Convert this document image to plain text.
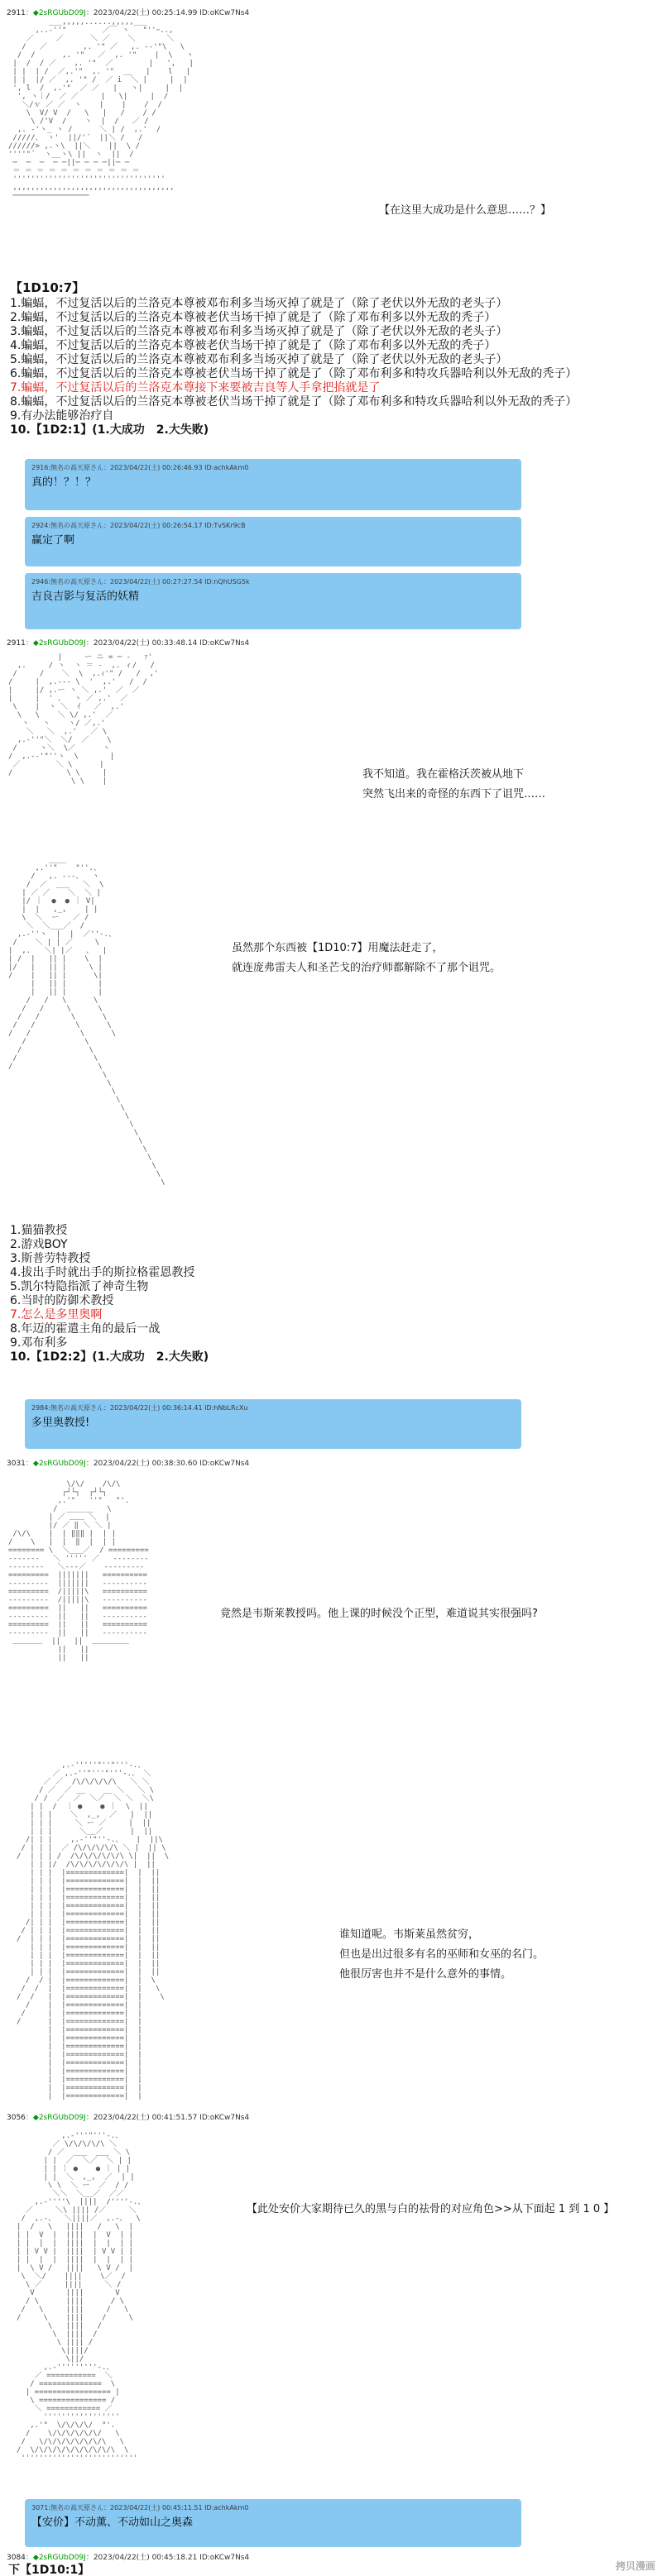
2911：◆2sRGUbD09J：2023/04/22(土) 00:25:14.99 ID:oKCw7Ns4
___,,,,,......,,,,,___
,..-''"        ／￣ ヽ   "''ｰ..,
／     ／      ＼ ／    ＼       ＼
/   ／        ,. '" ／   ,. -‐'"\   \
/  /      ,. '"   ／  ,. '"    |  \   ヽ
|  /  / ／    ,. '"  ／        |   ',   |
| |  | /  ／,.'"  ,. '"  __   |    l   |
| |  |/ ／  ,. '" /  ／ i  ＼ |     |  |
', l  /  ,.'"  ／ ／   |   ヽ|     |  |
', ヽ｜/  ／ ／     |   \|     |  /
＼/ｖ ／ ／  ヽ    |    |    /  /
\  V/ V  /   \   |   /    / /
\ /'V  /    ヽ  |  /   ／ /
,. -'ヽ_ ヽ /      ＼ | /  ,.'  /
/////、 ヽ'  ||/'´  ||＼ /   /
//////> ,.ヽ\  ||＼    ||  \ /
''''"´  ヽ__ヽ\ ||  ヽ  ||  /
─  ─  ─  ─ ─||─ ─ ─ ─||─ ─
＝ ＝ ＝ ＝ ＝ ＝ ＝ ＝ ＝ ＝ ＝
''''''''''''''''''''''''''''''''''
,,,,,,,,,,,,,,,,,,,,,,,,,,,,,,,,,,,,
─────────────────

【在这里大成功是什么意思……？】
【1D10:7】
1.蝙蝠，不过复活以后的兰洛克本尊被邓布利多当场灭掉了就是了（除了老伏以外无敌的老头子）
2.蝙蝠，不过复活以后的兰洛克本尊被老伏当场干掉了就是了（除了邓布利多以外无敌的秃子）
3.蝙蝠，不过复活以后的兰洛克本尊被邓布利多当场灭掉了就是了（除了老伏以外无敌的老头子）
4.蝙蝠，不过复活以后的兰洛克本尊被老伏当场干掉了就是了（除了邓布利多以外无敌的秃子）
5.蝙蝠，不过复活以后的兰洛克本尊被邓布利多当场灭掉了就是了（除了老伏以外无敌的老头子）
6.蝙蝠，不过复活以后的兰洛克本尊被老伏当场干掉了就是了（除了邓布利多和特攻兵器哈利以外无敌的秃子）
7.蝙蝠，不过复活以后的兰洛克本尊接下来要被吉良等人手拿把掐就是了
8.蝙蝠，不过复活以后的兰洛克本尊被老伏当场干掉了就是了（除了邓布利多和特攻兵器哈利以外无敌的秃子）
9.有办法能够治疗自
10.【1D2:1】(1.大成功　2.大失败)
2916:無名の高天原さん：2023/04/22(土) 00:26:46.93 ID:achkAkm0
真的！？！？
2924:無名の高天原さん：2023/04/22(土) 00:26:54.17 ID:TvSKr9cB
赢定了啊
2946:無名の高天原さん：2023/04/22(土) 00:27:27.54 ID:nQhUSG5k
吉良吉影与复活的妖精
2911：◆2sRGUbD09J：2023/04/22(土) 00:33:48.14 ID:oKCw7Ns4
|     ー ニ = ─ -   ｧ'
,.     / ヽ  ヽ ＝ ‐  ,. ィ/   /
/     /    ＼  \  ,.ｨ'" /   /  ,'
/     |  ,.-‐- \  '  ,.'   /  /
|     |/ ,.ー ヽ ＼ ,.'  ／  ／
|     |  ' 、  ヽ ／ ,.'  ／
\    |  ヽ ＼  ｲ   ／  ,.'
\   \    ＼ \/ ,.'  ／
ヽ   ヽ    ヽ/ ／,.'
＼   ＼  ,.'   ／ \
,.-''"＼  ＼/  ／    \
/     ヽ＼  \／      ヽ
/  ,.-‐'"''ヽ  \       |
／        ＼ \      |
/            \ \     |
\ \    |
我不知道。我在霍格沃茨被从地下
突然飞出来的奇怪的东西下了诅咒……
____
,.''"    "''.、
/   ,. ‐‐-、  ヽ
/  ／  ___   ＼  \
| ／ ／    ＼  ＼ |
|/ ｜  ●  ● ｜ V|
|  |   ,_,    | |
\  ＼  ー   ／ /
＼  ＼___／  /
,.-''ヽ  |  |  ／''-.、
/    ＼ | | ／     \
|  ,.   ＼| |／   、  |
| /  |   || |    \  |
|/   |   || |     \ |
/    |   || |      \|
|   || |       |
|   || |       |
/   /   \      \
/   /     \      \
/   /       \      \
/   /         \      \
/   /           \      \
/             \
/               \
/                 \
/                   \
\
\
\
\
\
\
\
\
\
\
\
\
\
\
虽然那个东西被【1D10:7】用魔法赶走了，
就连庞弗雷夫人和圣芒戈的治疗师都解除不了那个诅咒。
1.猫猫教授
2.游戏BOY
3.斯普劳特教授
4.拔出手时就出手的斯拉格霍恩教授
5.凯尔特隐指派了神奇生物
6.当时的防御术教授
7.怎么是多里奥啊
8.年迈的霍遣主角的最后一战
9.邓布利多
10.【1D2:2】(1.大成功　2.大失败)
2984:無名の高天原さん：2023/04/22(土) 00:36:14.41 ID:hNbLRcXu
多里奥教授!
3031：◆2sRGUbD09J：2023/04/22(土) 00:38:30.60 ID:oKCw7Ns4
\/\/    /\/\
┌┘└┐  ┌┘└┐
,.'"   ''"   "'.
/  ______   \
| ／ ＿＿ ＼  |
|/ ／ ‖ ＼ ＼ |
/\/\    |  | ‖‖‖ |  | |
/    \   |  |  ‖  |  | |
======== \  ＼___／  / =========
-------   ＼ ''''' ／   --------
--------   ＼---／    ---------
=========  |||||||   ==========
---------  |||||||   ----------
=========  /|||||\   ==========
---------  /|||||\   ----------
=========  ||   ||   ==========
---------  ||   ||   ----------
=========  ||   ||   ==========
---------  ||   ||   ----------
＿＿＿＿  ||   ||  ＿＿＿＿＿
||   ||
||   ||
竟然是韦斯莱教授吗。他上课的时候没个正型，难道说其实很强吗?
,.-'''''"''"'''-.、
／ ,.-''"'''"'''-.、 ＼
／ ／  /\/\/\/\/\   ＼ ＼
/ ／  ／ __    __ ＼   ＼ \
/ /  ／  ／  ＼／  ＼ ＼  ＼\
| |  /  ｜ ●    ● ｜  \  ||
| | |    ＼  ,_,  ／   |  ||
| | |     ＼ ー ／     |  ||
| | |      ＼__／      |  ||
/| | |    ,.-''"''-.、   |  ||\
/ | | |  ／ /\/\/\/\/\ ＼ |  || \
/  | | | /  /\/\/\/\/\/\ \|  ||  \
| | |/  /\/\/\/\/\/\/\ |  ||
| | |  |=============|  |  ||
| | |  |=============|  |  ||
| | |  |=============|  |  ||
| | |  |=============|  |  ||
| | |  |=============|  |  ||
| | |  |=============|  |  ||
/| | |  |=============|  |  ||
/ | | |  |=============|  |  ||
/  | | |  |=============|  |  ||
| | |  |=============|  |  ||
| | |  |=============|  |  ||
| | |  |=============|  |  ||
| | |  |=============|  |  ||
/  / |  |=============|  |  \
/  /  |  |=============|  |   \
/  /   |  |=============|  |    \
/    |  |=============|  |
/     |  |=============|  |
/      |  |=============|  |
|  |=============|  |
|  |=============|  |
|  |=============|  |
|  |=============|  |
|  |=============|  |
|  |=============|  |
|  |=============|  |
|  |=============|  |
|  |=============|  |
谁知道呢。韦斯莱虽然贫穷，
但也是出过很多有名的巫师和女巫的名门。
他很厉害也并不是什么意外的事情。
3056：◆2sRGUbD09J：2023/04/22(土) 00:41:51.57 ID:oKCw7Ns4
,.-'''"'''-.、
／ \/\/\/\/\ ＼
/ ／  ___  ___ ＼ \
| |  ／  ＼／  ＼ | |
| | ｜ ●    ● ｜ | |
| |  ＼  ,_,  ／  | |
\ \  ＼ ー  ／  / /
＼＼  ＼__／  ／／
,.-''''\  ||||  /''''-.、
／     ＼\ |||| /／     ＼
/  ,.-、  ＼||||／  ,.-、  \
|  /   \   ||||   /   \  |
| |  V  |  ||||  |  V  | |
| |  |  |  ||||  |  |  | |
| | V V |  ||||  | V V | |
| |  |  |  ||||  |  |  | |
|  \ V /   ||||   \ V /  |
\  ＼/    ||||    \／  /
\ ／     ||||     ＼ /
V       ||||       V
/ \      ||||      / \
/   \     ||||     /   \
/     \    ||||    /     \
\   ||||   /
\  ||||  /
\ |||| /
\||||/
\||/
,.-'''''''''-.、
／ ===========  ＼
/ ==============  \
| ================= |
\ =============== /
＼ ============ ／
'''''''''''''''''
,.'"  \/\/\/\/  "'.
/    \/\/\/\/\/\/   \
/   \/\/\/\/\/\/\/\   \
/  \/\/\/\/\/\/\/\/\/\  \
''''''''''''''''''''''''''
【此处安价大家期待已久的黑与白的祛骨的对应角色>>从下面起 1 到 1 0 】
3071:無名の高天原さん：2023/04/22(土) 00:45:11.51 ID:achkAkm0
【安价】不动薰、不动如山之奥森
3084：◆2sRGUbD09J：2023/04/22(土) 00:45:18.21 ID:oKCw7Ns4
下【1D10:1】	拷贝漫画
